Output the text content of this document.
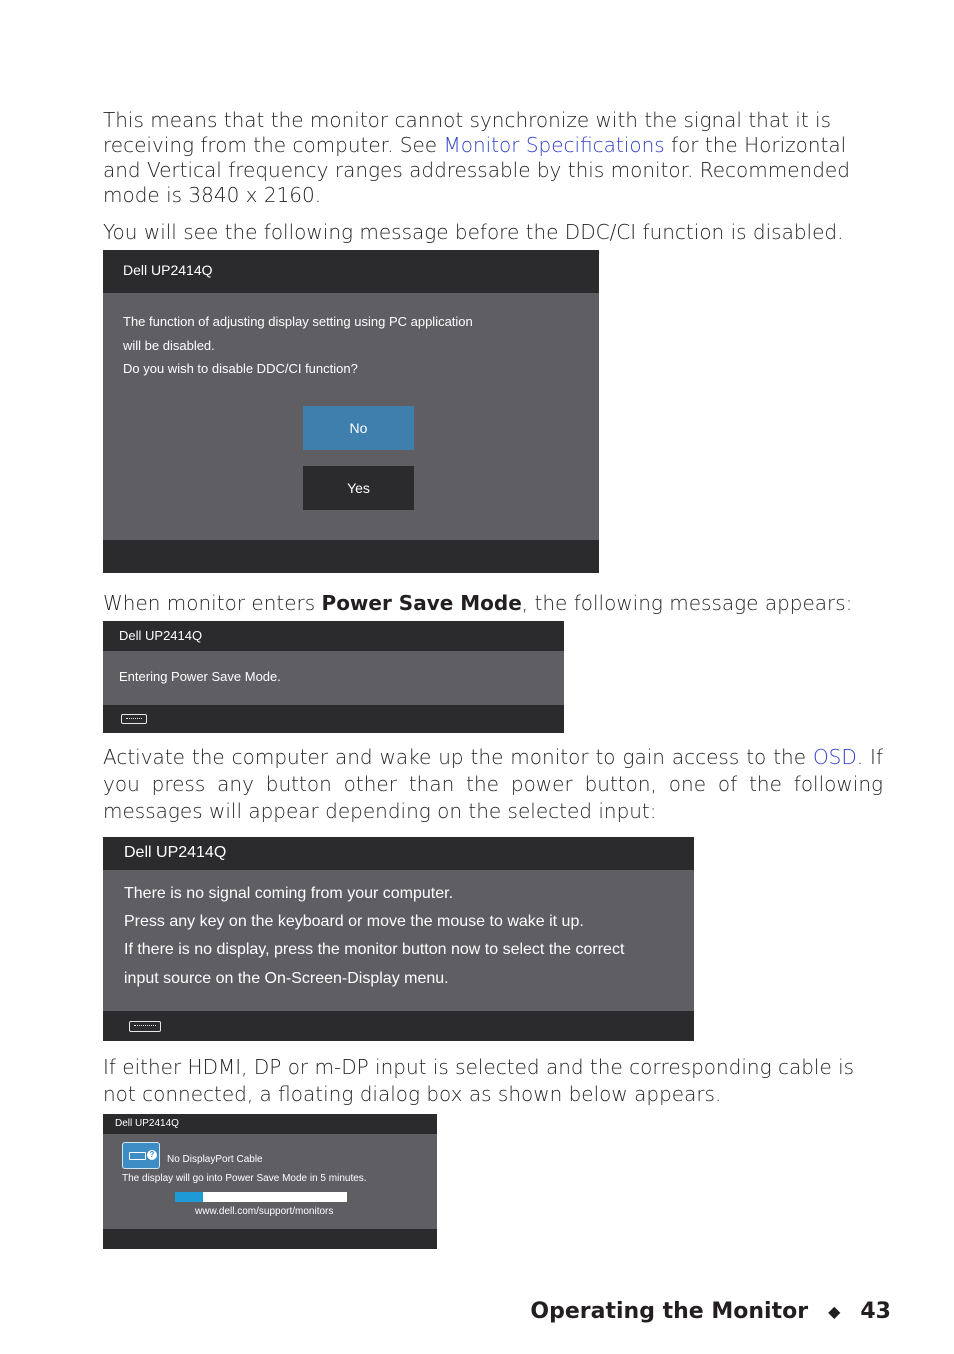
This means that the monitor cannot synchronize with the signal that it is receiving from the computer. See Monitor Specifications for the Horizontal and Vertical frequency ranges addressable by this monitor. Recommended mode is 3840 x 2160.

You will see the following message before the DDC/CI function is disabled.

Dell UP2414Q
The function of adjusting display setting using PC application
will be disabled.
Do you wish to disable DDC/CI function?
No
Yes

When monitor enters Power Save Mode, the following message appears:

Dell UP2414Q
Entering Power Save Mode.

Activate the computer and wake up the monitor to gain access to the OSD. If you press any button other than the power button, one of the following messages will appear depending on the selected input:

Dell UP2414Q
There is no signal coming from your computer.
Press any key on the keyboard or move the mouse to wake it up.
If there is no display, press the monitor button now to select the correct
input source on the On-Screen-Display menu.

If either HDMI, DP or m-DP input is selected and the corresponding cable is not connected, a floating dialog box as shown below appears.

Dell UP2414Q
? No DisplayPort Cable
The display will go into Power Save Mode in 5 minutes.
www.dell.com/support/monitors
Operating the Monitor ◆ 43
